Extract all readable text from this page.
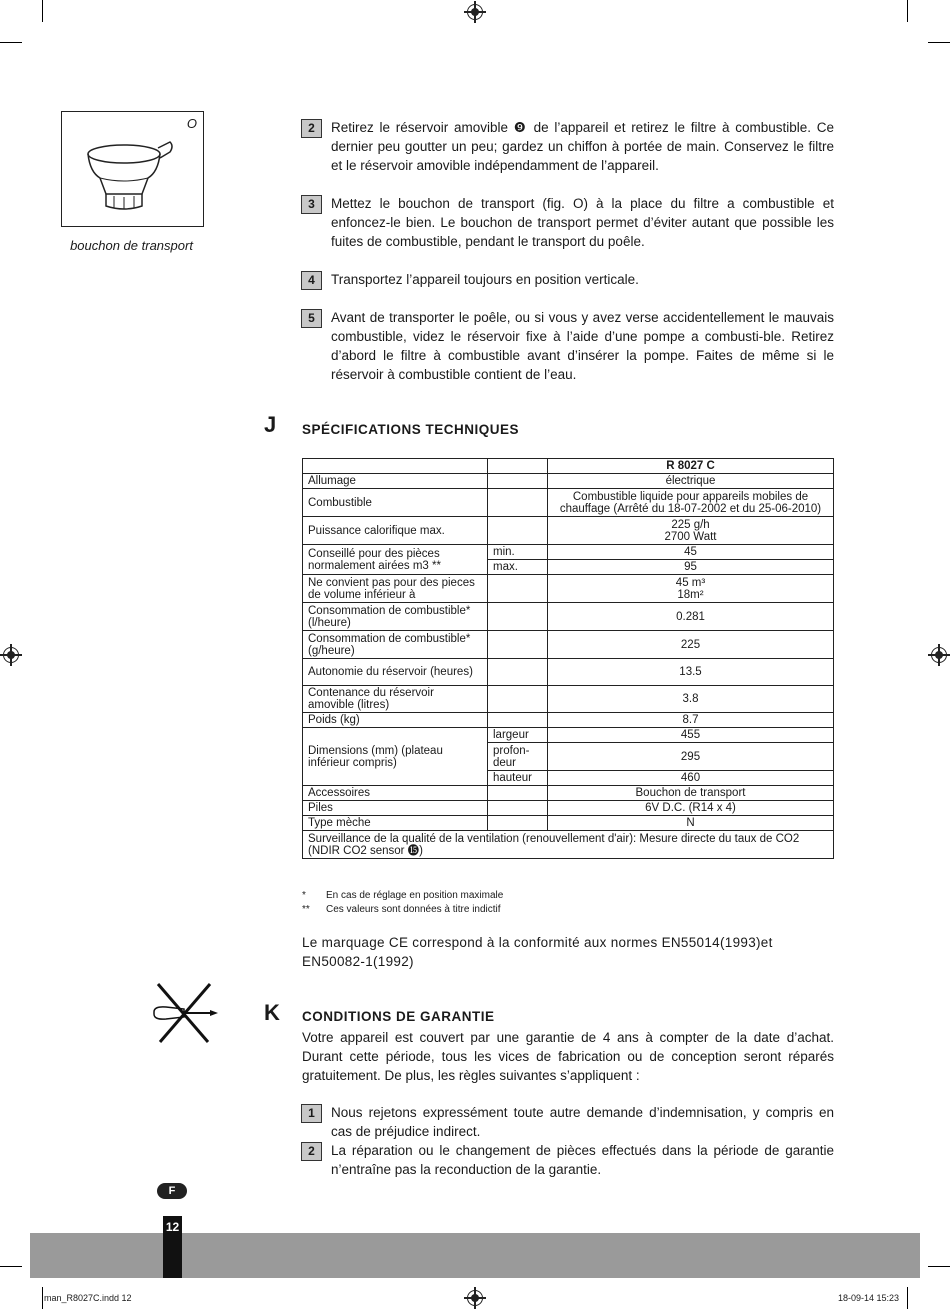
O
bouchon de transport
2	Retirez le réservoir amovible ❾ de l’appareil et retirez le filtre à combustible. Ce dernier peu goutter un peu; gardez un chiffon à portée de main. Conservez le filtre et le réservoir amovible indépendamment de l’appareil.
3	Mettez le bouchon de transport (fig. O) à la place du filtre a combustible et enfoncez-le bien. Le bouchon de transport permet d’éviter autant que possible les fuites de combustible, pendant le transport du poêle.
4	Transportez l’appareil toujours en position verticale.
5	Avant de transporter le poêle, ou si vous y avez verse accidentellement le mauvais combustible, videz le réservoir fixe à l’aide d’une pompe a combusti-ble. Retirez d’abord le filtre à combustible avant d’insérer la pompe. Faites de même si le réservoir à combustible contient de l’eau.
J SPÉCIFICATIONS TECHNIQUES
		R 8027 C
Allumage		électrique
Combustible		Combustible liquide pour appareils mobiles de chauffage (Arrêté du 18-07-2002 et du 25-06-2010)
Puissance calorifique max.		225 g/h
2700 Watt

Conseillé pour des pièces normalement airées m3 **	min.	45
	max.	95
Ne convient pas pour des pieces de volume inférieur à		45 m³
18m²

Consommation de combustible* (l/heure)		0.281
Consommation de combustible* (g/heure)		225
Autonomie du réservoir (heures)		13.5
Contenance du réservoir amovible (litres)		3.8
Poids (kg)		8.7
Dimensions (mm) (plateau inférieur compris)	largeur	455
	profon-deur	295
	hauteur	460
Accessoires		Bouchon de transport
Piles		6V D.C. (R14 x 4)
Type mèche		N
Surveillance de la qualité de la ventilation (renouvellement d'air): Mesure directe du taux de CO2 (NDIR CO2 sensor ⓯)		
* En cas de réglage en position maximale
** Ces valeurs sont données à titre indictif
Le marquage CE correspond à la conformité aux normes EN55014(1993)et EN50082-1(1992)
K CONDITIONS DE GARANTIE
Votre appareil est couvert par une garantie de 4 ans à compter de la date d’achat. Durant cette période, tous les vices de fabrication ou de conception seront réparés gratuitement. De plus, les règles suivantes s’appliquent :
1	Nous rejetons expressément toute autre demande d’indemnisation, y compris en cas de préjudice indirect.
2	La réparation ou le changement de pièces effectués dans la période de garantie n’entraîne pas la reconduction de la garantie.
F
12
man_R8027C.indd 12	18-09-14 15:23
